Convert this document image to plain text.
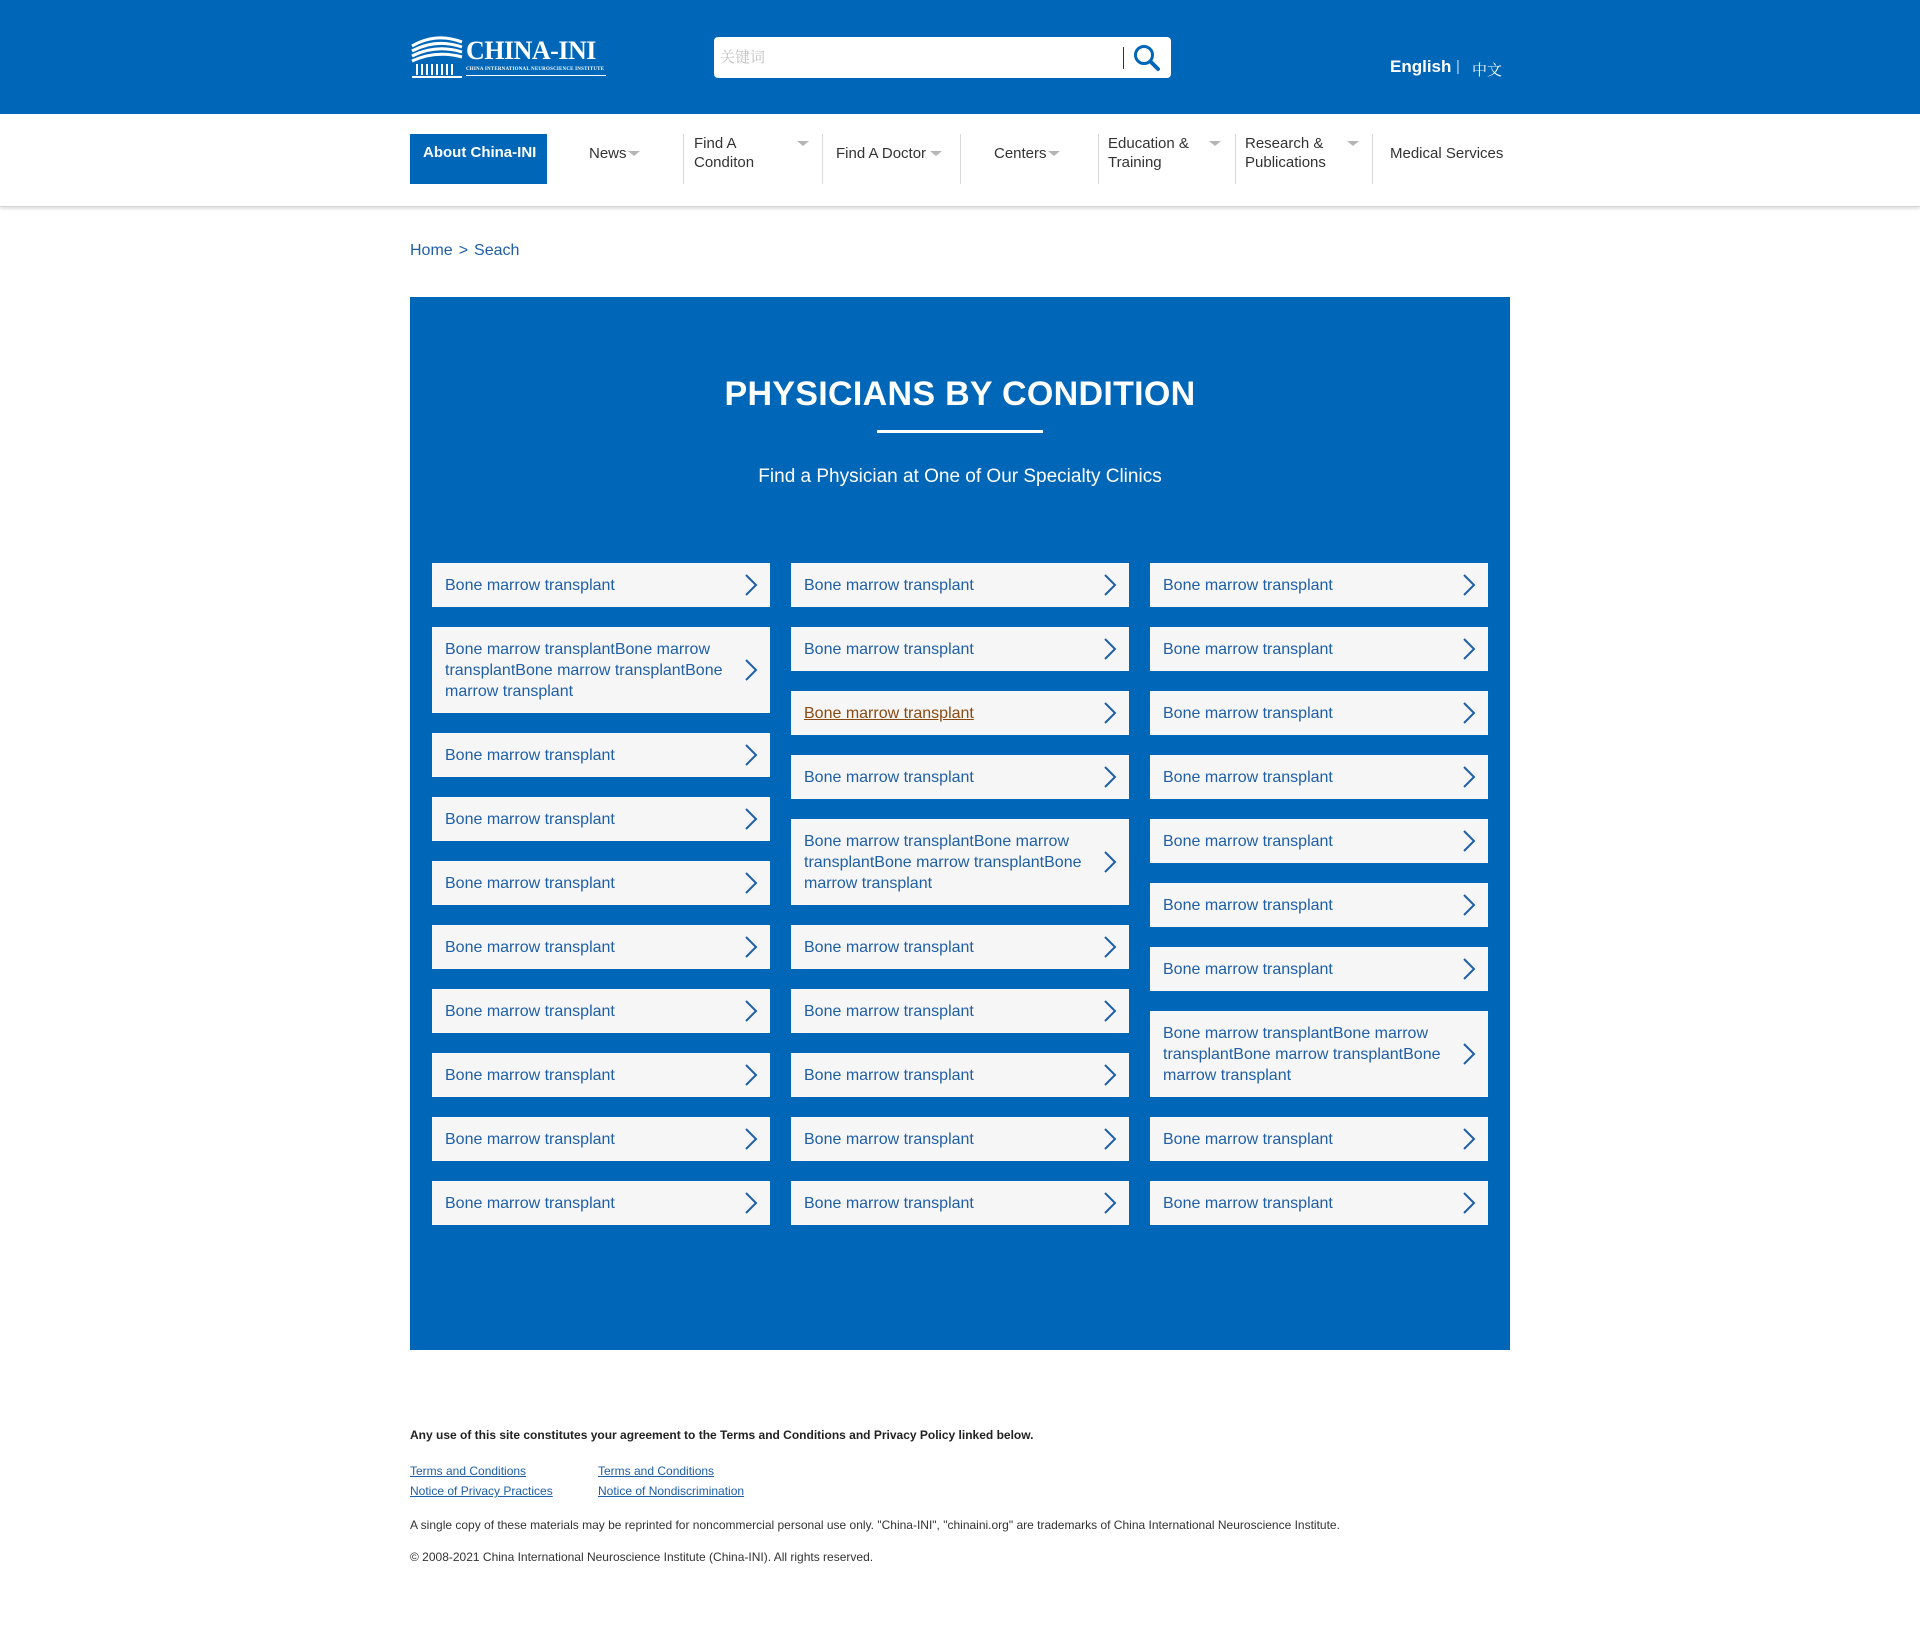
CHINA-INI
CHINA INTERNATIONAL NEUROSCIENCE INSTITUTE
关键词	English | 中文
About China-INI	News
Find A Conditon
Find A Doctor	Centers
Education & Training
Research & Publications
Medical Services
Home > Seach
PHYSICIANS BY CONDITION
Find a Physician at One of Our Specialty Clinics
Bone marrow transplant
Bone marrow transplantBone marrow transplantBone marrow transplantBone marrow transplant
Bone marrow transplant
Bone marrow transplant
Bone marrow transplant
Bone marrow transplant
Bone marrow transplant
Bone marrow transplant
Bone marrow transplant
Bone marrow transplant
Bone marrow transplant
Bone marrow transplant
Bone marrow transplant
Bone marrow transplant
Bone marrow transplantBone marrow transplantBone marrow transplantBone marrow transplant
Bone marrow transplant
Bone marrow transplant
Bone marrow transplant
Bone marrow transplant
Bone marrow transplant
Bone marrow transplant
Bone marrow transplant
Bone marrow transplant
Bone marrow transplant
Bone marrow transplant
Bone marrow transplant
Bone marrow transplant
Bone marrow transplantBone marrow transplantBone marrow transplantBone marrow transplant
Bone marrow transplant
Bone marrow transplant
Any use of this site constitutes your agreement to the Terms and Conditions and Privacy Policy linked below.
Terms and Conditions	Terms and Conditions
Notice of Privacy Practices	Notice of Nondiscrimination
A single copy of these materials may be reprinted for noncommercial personal use only. "China-INI", "chinaini.org" are trademarks of China International Neuroscience Institute.
© 2008-2021 China International Neuroscience Institute (China-INI). All rights reserved.
